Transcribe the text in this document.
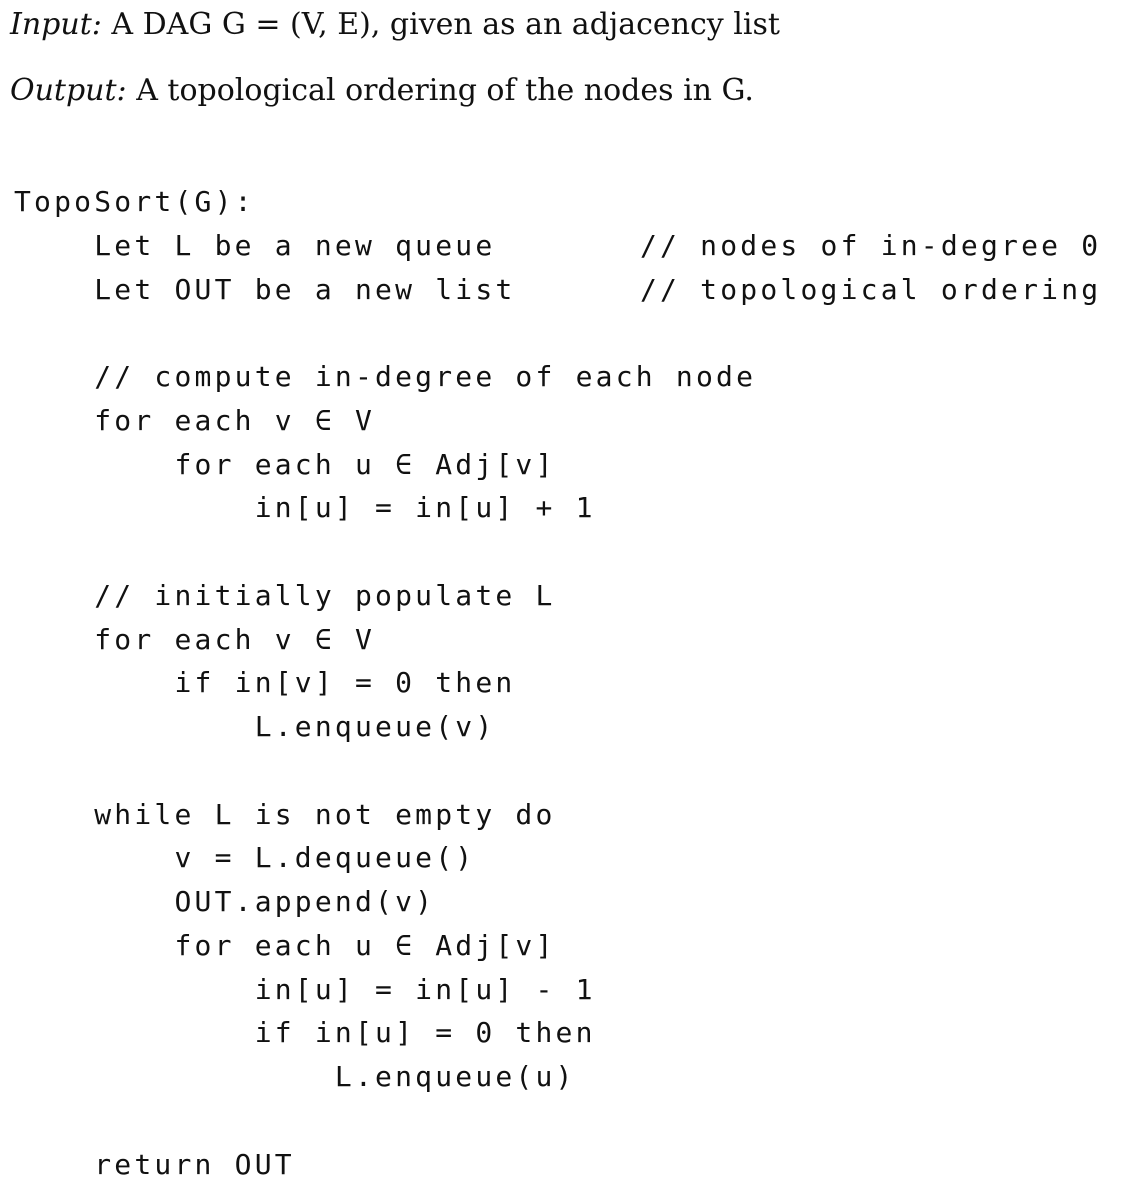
Input: A DAG G = (V, E), given as an adjacency list
Output: A topological ordering of the nodes in G.
TopoSort(G):
Let L be a new queue	// nodes of in-degree 0
Let OUT be a new list	// topological ordering
// compute in-degree of each node
for each v ∈ V
for each u ∈ Adj[v]
in[u] = in[u] + 1
// initially populate L
for each v ∈ V
if in[v] = 0 then
L.enqueue(v)
while L is not empty do
v = L.dequeue()
OUT.append(v)
for each u ∈ Adj[v]
in[u] = in[u] - 1
if in[u] = 0 then
L.enqueue(u)
return OUT
